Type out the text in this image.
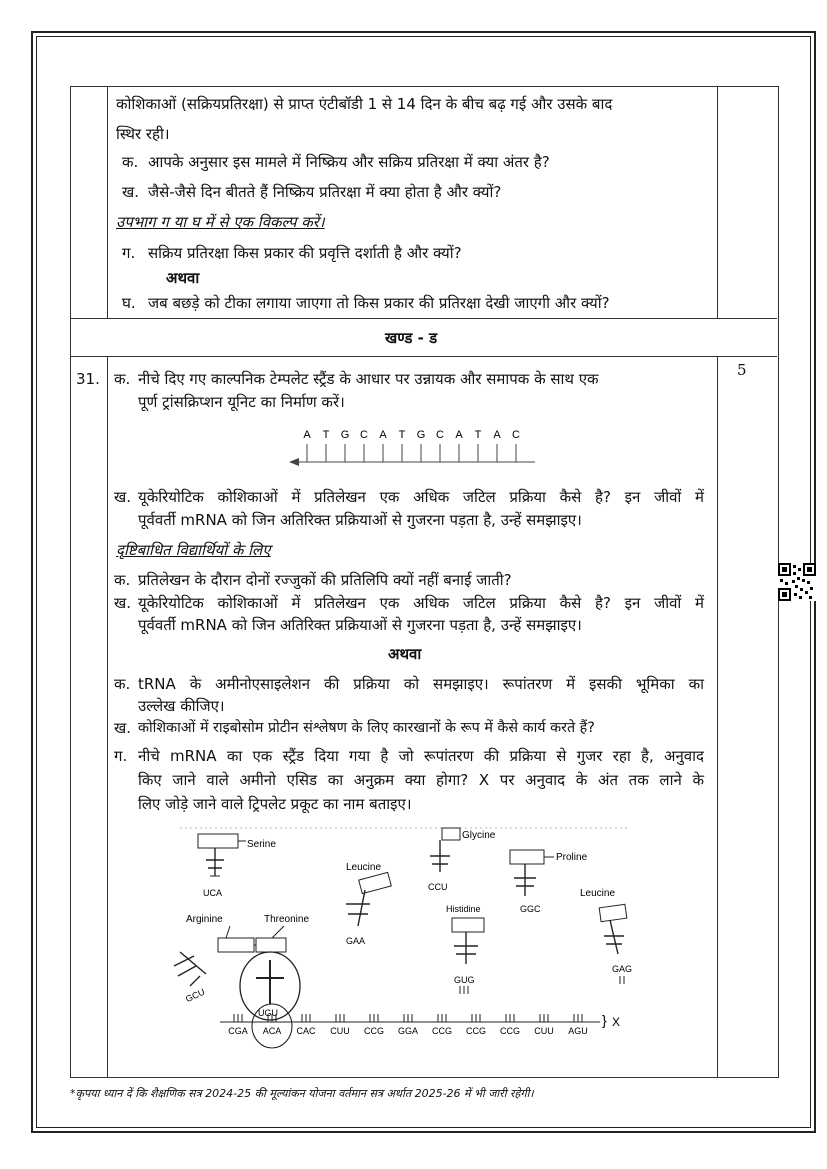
कोशिकाओं (सक्रियप्रतिरक्षा) से प्राप्त एंटीबॉडी 1 से 14 दिन के बीच बढ़ गई और उसके बाद
स्थिर रही।
क. आपके अनुसार इस मामले में निष्क्रिय और सक्रिय प्रतिरक्षा में क्या अंतर है?
ख. जैसे-जैसे दिन बीतते हैं निष्क्रिय प्रतिरक्षा में क्या होता है और क्यों?
उपभाग ग या घ में से एक विकल्प करें।
ग. सक्रिय प्रतिरक्षा किस प्रकार की प्रवृत्ति दर्शाती है और क्यों?
अथवा
घ. जब बछड़े को टीका लगाया जाएगा तो किस प्रकार की प्रतिरक्षा देखी जाएगी और क्यों?
खण्ड - ड
31.	5
क. नीचे दिए गए काल्पनिक टेम्पलेट स्ट्रैंड के आधार पर उन्नायक और समापक के साथ एक
पूर्ण ट्रांसक्रिप्शन यूनिट का निर्माण करें।
A T G C A T G C A T A C
ख. यूकेरियोटिक कोशिकाओं में प्रतिलेखन एक अधिक जटिल प्रक्रिया कैसे है? इन जीवों में
पूर्ववर्ती mRNA को जिन अतिरिक्त प्रक्रियाओं से गुजरना पड़ता है, उन्हें समझाइए।
दृष्टिबाधित विद्यार्थियों के लिए
क. प्रतिलेखन के दौरान दोनों रज्जुकों की प्रतिलिपि क्यों नहीं बनाई जाती?
ख. यूकेरियोटिक कोशिकाओं में प्रतिलेखन एक अधिक जटिल प्रक्रिया कैसे है? इन जीवों में
पूर्ववर्ती mRNA को जिन अतिरिक्त प्रक्रियाओं से गुजरना पड़ता है, उन्हें समझाइए।
अथवा
क. tRNA के अमीनोएसाइलेशन की प्रक्रिया को समझाइए। रूपांतरण में इसकी भूमिका का
उल्लेख कीजिए।
ख. कोशिकाओं में राइबोसोम प्रोटीन संश्लेषण के लिए कारखानों के रूप में कैसे कार्य करते हैं?
ग. नीचे mRNA का एक स्ट्रैंड दिया गया है जो रूपांतरण की प्रक्रिया से गुजर रहा है, अनुवाद
किए जाने वाले अमीनो एसिड का अनुक्रम क्या होगा? X पर अनुवाद के अंत तक लाने के
लिए जोड़े जाने वाले ट्रिपलेट प्रकूट का नाम बताइए।
Serine
UCA
Glycine
CCU
Proline
GGC
Leucine
GAA
Histidine
GUG
Leucine
GAG
Arginine	Threonine
GCU
UGU
CGA ACA CAC CUU CCG GGA CCG CCG CCG CUU AGU
} X
*कृपया ध्यान दें कि शैक्षणिक सत्र 2024-25 की मूल्यांकन योजना वर्तमान सत्र अर्थात 2025-26 में भी जारी रहेगी।
